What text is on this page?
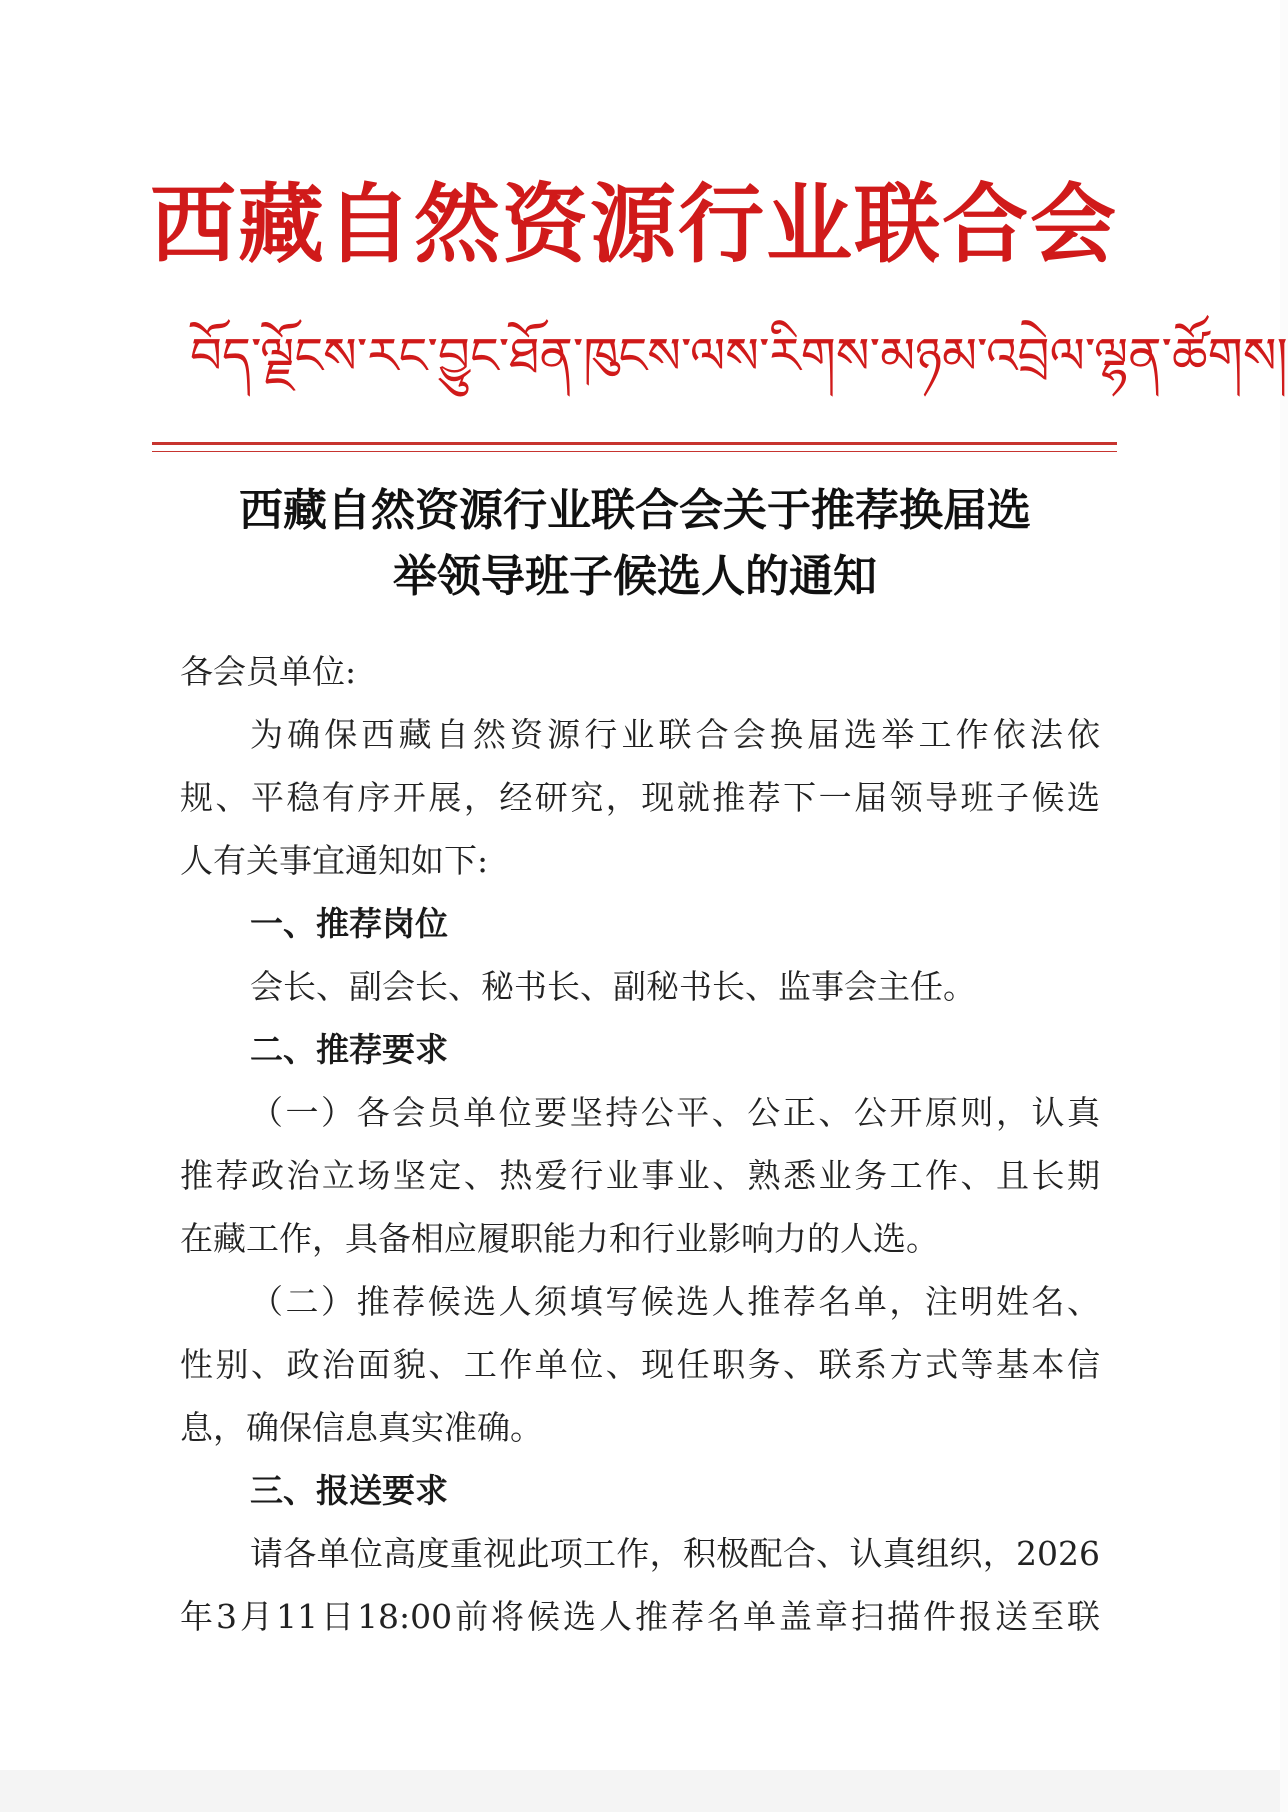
西藏自然资源行业联合会
བོད་ལྗོངས་རང་བྱུང་ཐོན་ཁུངས་ལས་རིགས་མཉམ་འབྲེལ་ལྷན་ཚོགས།
西藏自然资源行业联合会关于推荐换届选
举领导班子候选人的通知
各会员单位:
为确保西藏自然资源行业联合会换届选举工作依法依
规、平稳有序开展，经研究，现就推荐下一届领导班子候选
人有关事宜通知如下:
一、推荐岗位
会长、副会长、秘书长、副秘书长、监事会主任。
二、推荐要求
（一）各会员单位要坚持公平、公正、公开原则，认真
推荐政治立场坚定、热爱行业事业、熟悉业务工作、且长期
在藏工作，具备相应履职能力和行业影响力的人选。
（二）推荐候选人须填写候选人推荐名单，注明姓名、
性别、政治面貌、工作单位、现任职务、联系方式等基本信
息，确保信息真实准确。
三、报送要求
请各单位高度重视此项工作，积极配合、认真组织，2026
年3月11日18:00前将候选人推荐名单盖章扫描件报送至联
